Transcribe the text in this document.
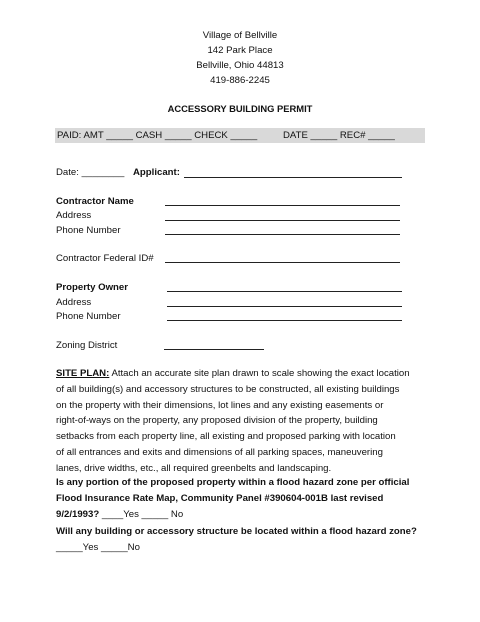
Village of Bellville
142 Park Place
Bellville, Ohio 44813
419-886-2245
ACCESSORY BUILDING PERMIT
PAID: AMT _____ CASH _____ CHECK _____	DATE _____ REC# _____
Date: ________ Applicant:
Contractor Name
Address
Phone Number
Contractor Federal ID#
Property Owner
Address
Phone Number
Zoning District
SITE PLAN: Attach an accurate site plan drawn to scale showing the exact location
of all building(s) and accessory structures to be constructed, all existing buildings
on the property with their dimensions, lot lines and any existing easements or
right-of-ways on the property, any proposed division of the property, building
setbacks from each property line, all existing and proposed parking with location
of all entrances and exits and dimensions of all parking spaces, maneuvering
lanes, drive widths, etc., all required greenbelts and landscaping.
Is any portion of the proposed property within a flood hazard zone per official
Flood Insurance Rate Map, Community Panel #390604-001B last revised
9/2/1993? ____Yes _____ No
Will any building or accessory structure be located within a flood hazard zone?
_____Yes _____No
